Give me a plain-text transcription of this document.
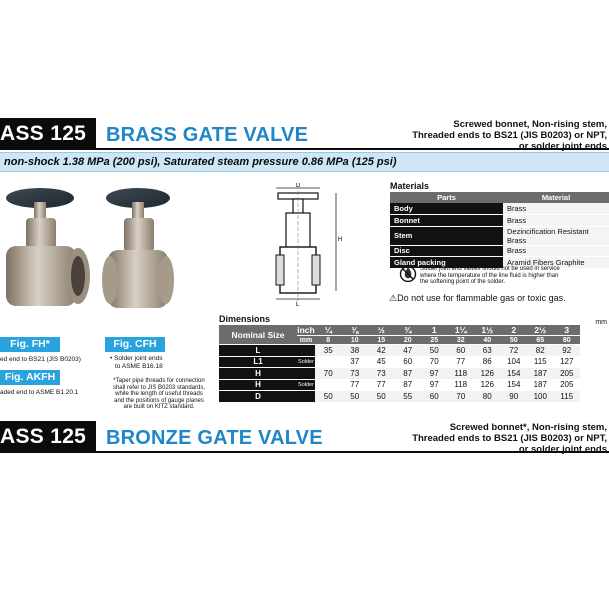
ASS 125 BRASS GATE VALVE	Screwed bonnet, Non-rising stem,
Threaded ends to BS21 (JIS B0203) or NPT,
or solder joint ends
non-shock 1.38 MPa (200 psi), Saturated steam pressure 0.86 MPa (125 psi)
D
H
L
Fig. FH*
ed end to BS21 (JIS B0203)
Fig. AKFH
aded end to ASME B1.20.1
Fig. CFH
• Solder joint ends
to ASME B16.18
*Taper pipe threads for connection
shall refer to JIS B0203 standards,
while the length of useful threads
and the positions of gauge planes
are built on KITZ standard.
Materials
Parts	Material
Body	Brass
Bonnet	Brass
Stem	Dezincification Resistant Brass
Disc	Brass
Gland packing	Aramid Fibers Graphite
Solder joint end valves should not be used in service
where the temperature of the line fluid is higher than
the softening point of the solder.
⚠Do not use for flammable gas or toxic gas.
Dimensions	mm
Nominal Size	inch	¼	⅜	½	¾	1	1¼	1½	2	2½	3
	mm	8	10	15	20	25	32	40	50	65	80
L		35	38	42	47	50	60	63	72	82	92
L1	Solder		37	45	60	70	77	86	104	115	127
H		70	73	73	87	97	118	126	154	187	205
H	Solder		77	77	87	97	118	126	154	187	205
D		50	50	50	55	60	70	80	90	100	115
ASS 125 BRONZE GATE VALVE	Screwed bonnet*, Non-rising stem,
Threaded ends to BS21 (JIS B0203) or NPT,
or solder joint ends
